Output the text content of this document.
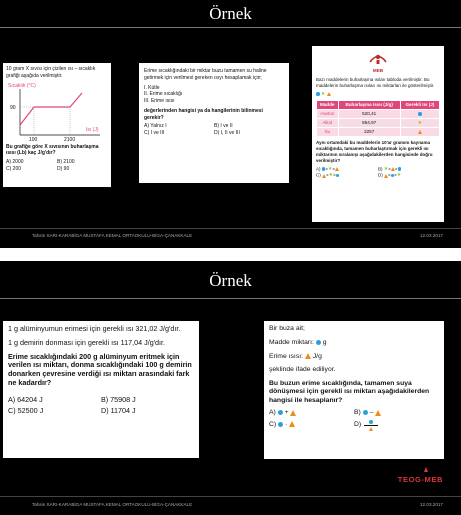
Örnek
10 gram X sıvısı için çizilen ısı – sıcaklık grafiği aşağıda verilmiştir.
Sıcaklık (°C)
90
100	2100
Isı (J)
Bu grafiğe göre X sıvısının buharlaşma ısısı (Lb) kaç J/g'dır?
A) 2000	B) 2100
C) 200	D) 90
Erime sıcaklığındaki bir miktar buzu tamamen su haline getirmek için verilmesi gereken ısıyı hesaplamak için;
I. Kütle
II. Erime sıcaklığı
III. Erime ısısı
değerlerinden hangisi ya da hangilerinin bilinmesi gerekir?
A) Yalnız I	B) I ve II
C) I ve III	D) I, II ve III
MEB
Bazı maddelerin buharlaşma ısıları tabloda verilmiştir. Bu maddelerin buharlaşma ısıları ısı miktarları ile gösterilmiştir.
★
Madde	Buharlaşma Isısı (J/g)	Gerekli Isı (J)
Aseton	520,41	
Alkol	854,97	★
Su	2257	
Aynı ortamdaki bu maddelerin 10'ar gramını kaynama sıcaklığında, tamamen buharlaştırmak için gerekli ısı miktarının sıralanışı aşağıdakilerden hangisinde doğru verilmiştir?
A) >★>	B) ★> >
C) >★>	D) > >★
Tahsin SARI-KARABİGA MUSTAFA KEMAL ORTAOKULU-BİGA-ÇANAKKALE	12.03.2017
Örnek

1 g alüminyumun erimesi için gerekli ısı 321,02 J/g'dır.

1 g demirin donması için gerekli ısı 117,04 J/g'dır.

Erime sıcaklığındaki 200 g alüminyum eritmek için verilen ısı miktarı, donma sıcaklığındaki 100 g demirin donarken çevresine verdiği ısı miktarı arasındaki fark ne kadardır?

A) 64204 J	B) 75908 J
C) 52500 J	D) 11704 J
Bir buza ait;
Madde miktarı: g
Erime ısısı: J/g
şeklinde ifade ediliyor.
Bu buzun erime sıcaklığında, tamamen suya dönüşmesi için gerekli ısı miktarı aşağıdakilerden hangisi ile hesaplanır?
A) +	B) –
C) ·	D)
TEOG-MEB
Tahsin SARI-KARABİGA MUSTAFA KEMAL ORTAOKULU-BİGA-ÇANAKKALE	12.03.2017
